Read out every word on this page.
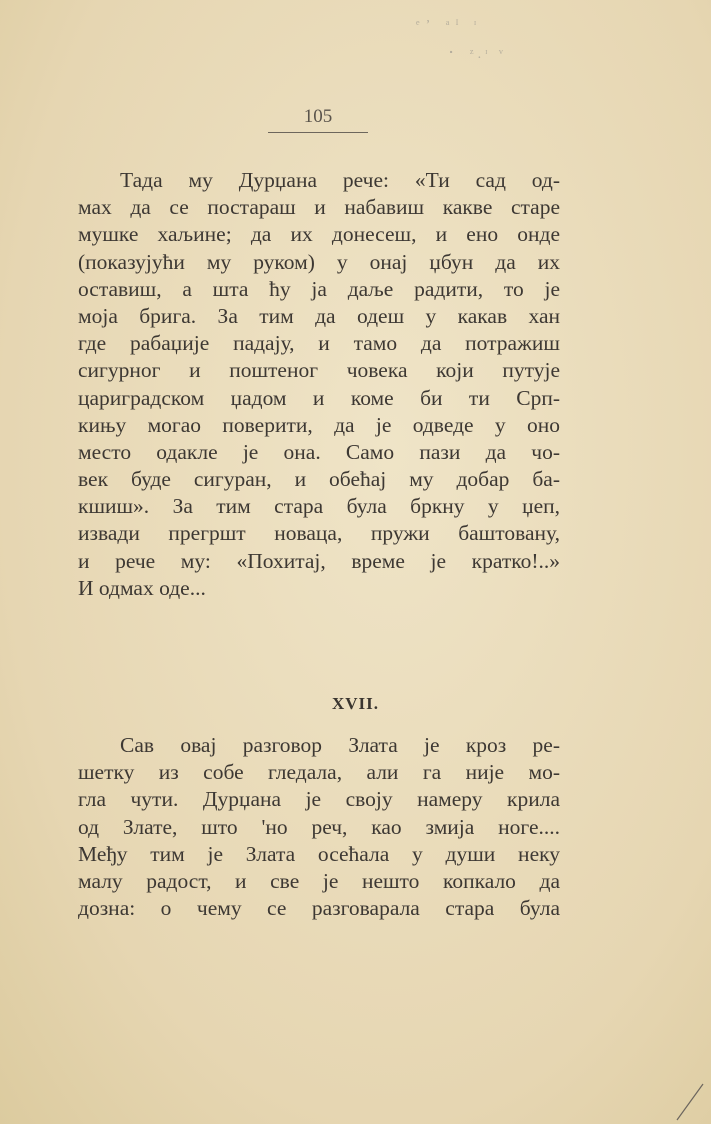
ᵉʼ ᵃᴵ ᶦ
⠂ ᶻ.ᶦ ᵛ
105
Тада му Дурџана рече: «Ти сад од-
мах да се постараш и набавиш какве старе
мушке хаљине; да их донесеш, и ено онде
(показујући му руком) у онај џбун да их
оставиш, а шта ћу ја даље радити, то је
моја брига. За тим да одеш у какав хан
где рабаџије падају, и тамо да потражиш
сигурног и поштеног човека који путује
цариградском џадом и коме би ти Срп-
кињу могао поверити, да је одведе у оно
место одакле је она. Само пази да чо-
век буде сигуран, и обећај му добар ба-
кшиш». За тим стара була бркну у џеп,
извади прегршт новаца, пружи баштовану,
и рече му: «Похитај, време је кратко!..»
И одмах оде...
XVII.
Сав овај разговор Злата је кроз ре-
шетку из собе гледала, али га није мо-
гла чути. Дурџана је своју намеру крила
од Злате, што 'но реч, као змија ноге....
Међу тим је Злата осећала у души неку
малу радост, и све је нешто копкало да
дозна: о чему се разговарала стара була
